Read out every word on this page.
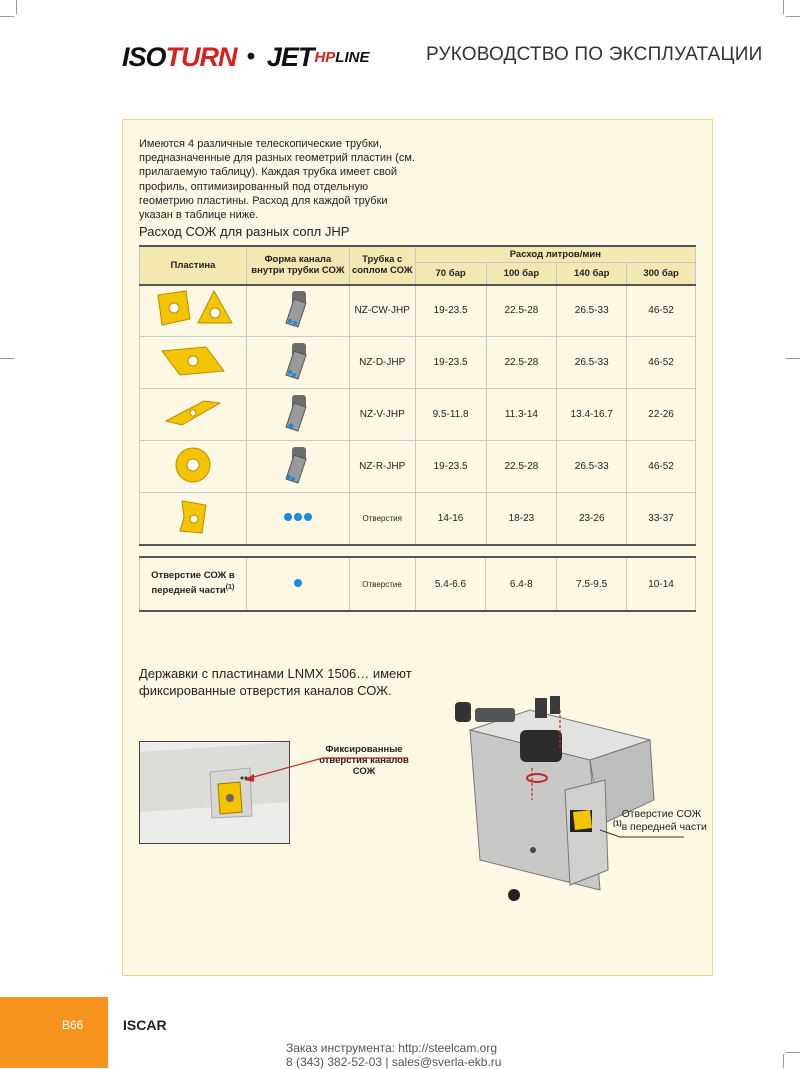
ISOTURN • JET HP LINE	РУКОВОДСТВО ПО ЭКСПЛУАТАЦИИ
Имеются 4 различные телескопические трубки, предназначенные для разных геометрий пластин (см. прилагаемую таблицу). Каждая трубка имеет свой профиль, оптимизированный под отдельную геометрию пластины. Расход для каждой трубки указан в таблице ниже.
Расход СОЖ для разных сопл JHP
Пластина	Форма канала внутри трубки СОЖ	Трубка с соплом СОЖ	Расход литров/мин			
			70 бар	100 бар	140 бар	300 бар
		NZ-CW-JHP	19-23.5	22.5-28	26.5-33	46-52
		NZ-D-JHP	19-23.5	22.5-28	26.5-33	46-52
		NZ-V-JHP	9.5-11.8	11.3-14	13.4-16.7	22-26
		NZ-R-JHP	19-23.5	22.5-28	26.5-33	46-52
		Отверстия	14-16	18-23	23-26	33-37
Отверстие СОЖ в передней части$^{(1)}$		Отверстие	5.4-6.6	6.4-8	7.5-9.5	10-14
Державки с пластинами LNMX 1506… имеют фиксированные отверстия каналов СОЖ.
Фиксированные отверстия каналов СОЖ
$^{(1)}$Отверстие СОЖ в передней части
B66	ISCAR
Заказ инструмента: http://steelcam.org
8 (343) 382-52-03 | sales@sverla-ekb.ru
